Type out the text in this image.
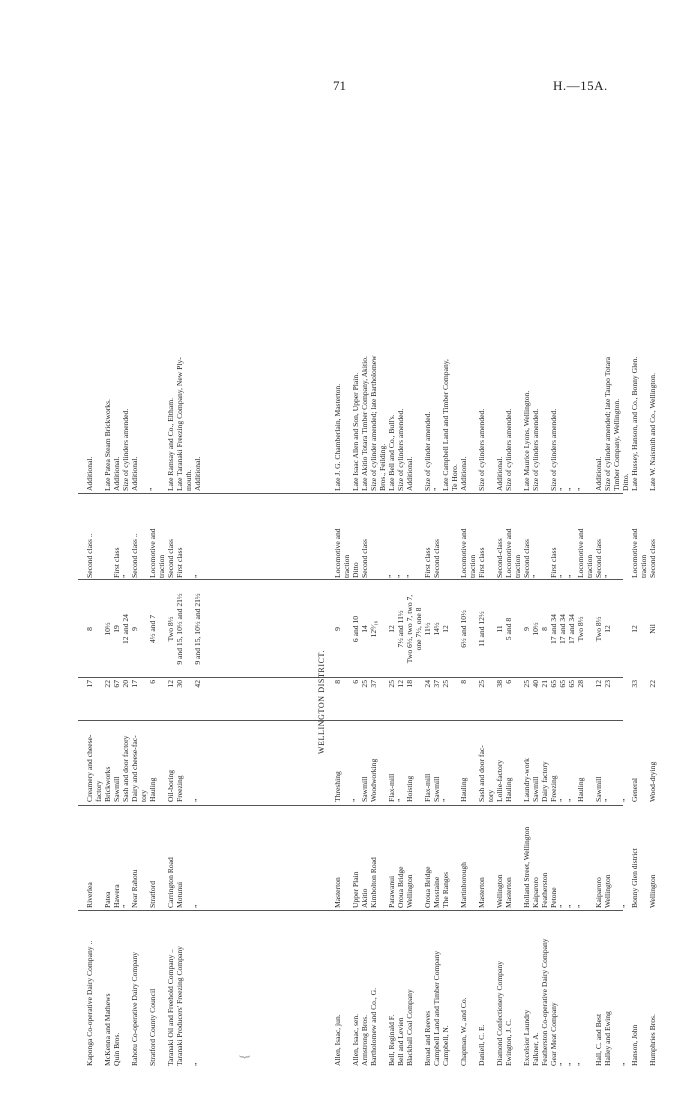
71	H.—15A.
WELLINGTON DISTRICT.
{
Kaponga Co-operative Dairy Company ..
Riverlea
Creamery and cheese-
17
8
Second class ..
Additional.
factory
McKenna and Mathews
Patea
Brickworks
22
10½
Late Patea Steam Brickworks.
Quin Bros.
Hawera
Sawmill
67
19
First class
Additional.
”
Sash and door factory
20
12 and 24
”
Size of cylinders amended.
Rahotu Co-operative Dairy Company
Near Rahotu
Dairy and cheese-fac-
17
9
Second class ..
Additional.
tory
Stratford County Council
Stratford
Hauling
6
4½ and 7
Locomotive and
”
traction
Taranaki Oil and Freehold Company ..
Carrington Road
Oil-boring
12
Two 8½
Second class
Late Ramsay and Co., Eltham.
Taranaki Producers' Freezing Company
Motunui
Freezing
30
9 and 15, 10½ and 21½
First class
Late Taranaki Freezing Company, New Ply- mouth.
”
”
”
42
9 and 15, 10½ and 21½
”
Additional.
Allen, Isaac, jun.
Masterton
Threshing
8
9
Locomotive and
Late J. G. Chamberlain, Masterton.
traction
Allen, Isaac, sen.
Upper Plain
”
6
6 and 10
Ditto
Late Isaac Allen and Son, Upper Plain.
Armstrong Bros.
Akitio
Sawmill
25
14
Second class
Late Akitio Totara Timber Company, Akitio.
Bartholomew and Co., G.
Kimbolton Road
Woodworking
37
12⁹⁄₁₆
Size of cylinder amended; late Bartholomew Bros., Feilding.
Bell, Reginald F.
Parawanui
Flax-mill
25
12
”
Late Bell and Co., Bull's.
Bell and Levien
Oroua Bridge
”
12
7½ and 11½
”
Size of cylinders amended.
Blackball Coal Company
Wellington
Hoisting
18
Two 6½, two 7, two 7,
”
Additional.
one 7½, one 8
Broad and Reeves
Oroua Bridge
Flax-mill
24
11½
First class
Size of cylinder amended.
Campbell Land and Timber Company
Mosstaine
Sawmill
37
14½
Second class
”
Campbell, N.
The Ranges
”
25
12
Late Campbell Land and Timber Company, Te Horo.
Chapman, W., and Co.
Martinborough
Hauling
8
6½ and 10½
Locomotive and
Additional.
traction
Daniell, C. E.
Masterton
Sash and door fac-
25
11 and 12½
First class
Size of cylinders amended.
tory
Diamond Confectionery Company
Wellington
Lollie-factory
38
11
Second-class
Additional.
Ewington, J. C.
Masterton
Hauling
6
5 and 8
Locomotive and
Size of cylinders amended.
traction
Excelsior Laundry
Holland Street, Wellington
Laundry-work
25
9
Second class
Late Maurice Lyons, Wellington.
Falkner, A.
Kaiparoro
Sawmill
40
10½
”
Size of cylinders amended.
Featherston Co-operative Dairy Company
Featherston
Dairy factory
21
8
Gear Meat Company
Petone
Freezing
65
17 and 34
First class
Size of cylinders amended.
”
”
”
65
17 and 34
”
”
”
”
”
65
17 and 34
”
”
”
”
Hauling
28
Two 8½
Locomotive and
”
traction
Hall, C. and Best
Kaiparoro
Sawmill
12
Two 8½
Second class
Additional.
Halley and Ewing
Wellington
”
23
12
”
Size of cylinder amended; late Taupo Totara Timber Company, Wellington.
”
”
”
Ditto.
Hanson, John
Bonny Glen district
General
33
12
Locomotive and
Late Hussey, Hanson, and Co., Bonny Glen.
traction
Humphries Bros.
Wellington
Wood-drying
22
Nil
Second class
Late W. Naismith and Co., Wellington.
